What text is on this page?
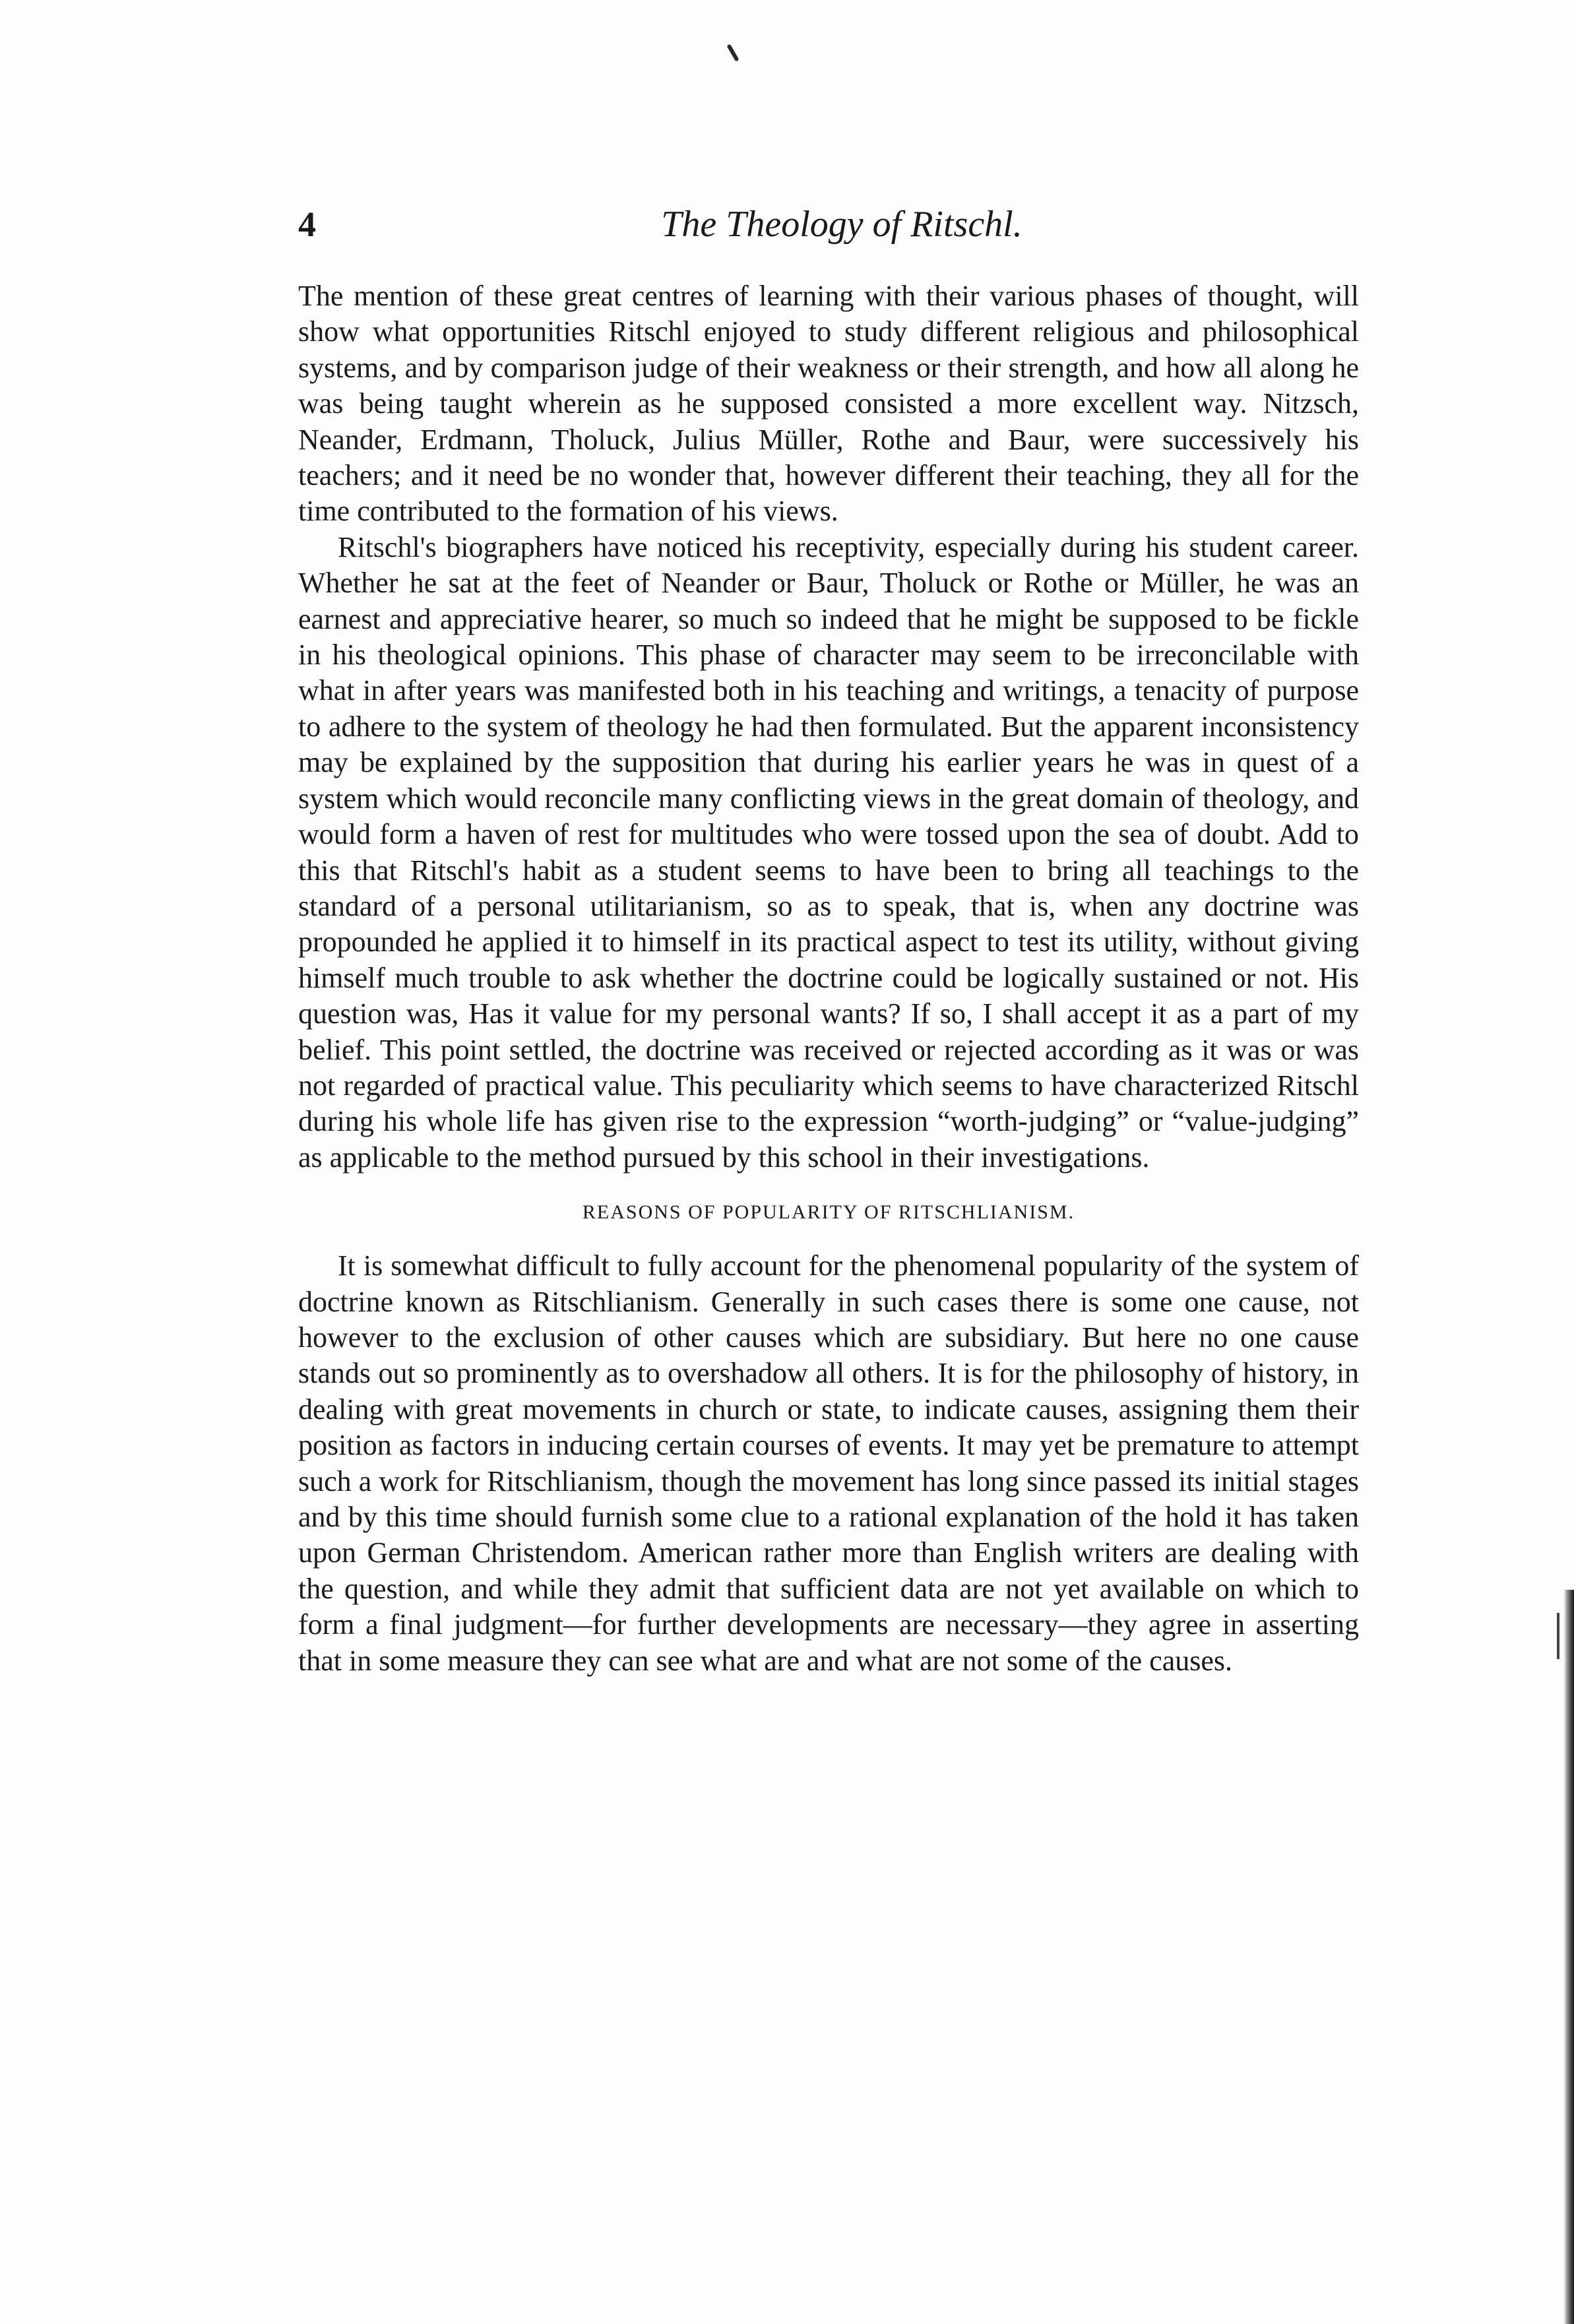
4	The Theology of Ritschl.

The mention of these great centres of learning with their various phases of thought, will show what opportunities Ritschl enjoyed to study different religious and philosophical systems, and by comparison judge of their weakness or their strength, and how all along he was being taught wherein as he supposed consisted a more excellent way. Nitzsch, Neander, Erdmann, Tholuck, Julius Müller, Rothe and Baur, were successively his teachers; and it need be no wonder that, however different their teaching, they all for the time contributed to the formation of his views.

Ritschl's biographers have noticed his receptivity, especially during his student career. Whether he sat at the feet of Neander or Baur, Tholuck or Rothe or Müller, he was an earnest and appreciative hearer, so much so indeed that he might be supposed to be fickle in his theological opinions. This phase of character may seem to be irreconcilable with what in after years was manifested both in his teaching and writings, a tenacity of purpose to adhere to the system of theology he had then formulated. But the apparent inconsistency may be explained by the supposition that during his earlier years he was in quest of a system which would reconcile many conflicting views in the great domain of theology, and would form a haven of rest for multitudes who were tossed upon the sea of doubt. Add to this that Ritschl's habit as a student seems to have been to bring all teachings to the standard of a personal utilitarianism, so as to speak, that is, when any doctrine was propounded he applied it to himself in its practical aspect to test its utility, without giving himself much trouble to ask whether the doctrine could be logically sustained or not. His question was, Has it value for my personal wants? If so, I shall accept it as a part of my belief. This point settled, the doctrine was received or rejected according as it was or was not regarded of practical value. This peculiarity which seems to have characterized Ritschl during his whole life has given rise to the expression “worth-judging” or “value-judging” as applicable to the method pursued by this school in their investigations.

REASONS OF POPULARITY OF RITSCHLIANISM.

It is somewhat difficult to fully account for the phenomenal popularity of the system of doctrine known as Ritschlianism. Generally in such cases there is some one cause, not however to the exclusion of other causes which are subsidiary. But here no one cause stands out so prominently as to overshadow all others. It is for the philosophy of history, in dealing with great movements in church or state, to indicate causes, assigning them their position as factors in inducing certain courses of events. It may yet be premature to attempt such a work for Ritschlianism, though the movement has long since passed its initial stages and by this time should furnish some clue to a rational explanation of the hold it has taken upon German Christendom. American rather more than English writers are dealing with the question, and while they admit that sufficient data are not yet available on which to form a final judgment—for further developments are necessary—they agree in asserting that in some measure they can see what are and what are not some of the causes.
